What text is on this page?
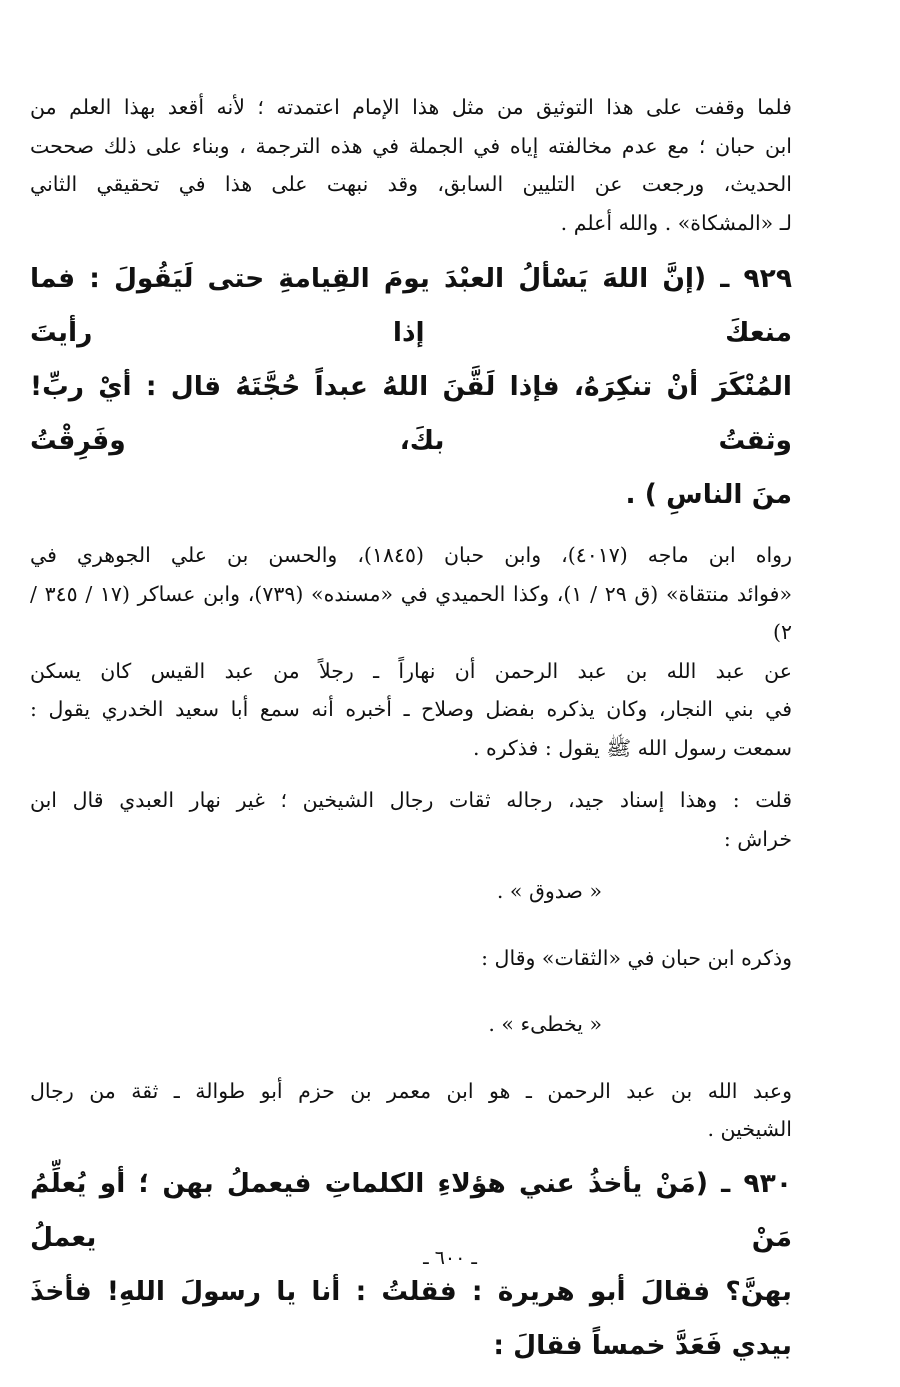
فلما وقفت على هذا التوثيق من مثل هذا الإمام اعتمدته ؛ لأنه أقعد بهذا العلم من
ابن حبان ؛ مع عدم مخالفته إياه في الجملة في هذه الترجمة ، وبناء على ذلك صححت
الحديث، ورجعت عن التليين السابق، وقد نبهت على هذا في تحقيقي الثاني
لـ «المشكاة» . والله أعلم .

٩٢٩ ـ (إنَّ اللهَ يَسْألُ العبْدَ يومَ القِيامةِ حتى لَيَقُولَ : فما منعكَ إذا رأيتَ
المُنْكَرَ أنْ تنكِرَهُ، فإذا لَقَّنَ اللهُ عبداً حُجَّتَهُ قال : أيْ ربِّ! وثقتُ بكَ، وفَرِقْتُ
منَ الناسِ ) .

رواه ابن ماجه (٤٠١٧)، وابن حبان (١٨٤٥)، والحسن بن علي الجوهري في
«فوائد منتقاة» (ق ٢٩ / ١)، وكذا الحميدي في «مسنده» (٧٣٩)، وابن عساكر (١٧ / ٣٤٥ / ٢)
عن عبد الله بن عبد الرحمن أن نهاراً ـ رجلاً من عبد القيس كان يسكن
في بني النجار، وكان يذكره بفضل وصلاح ـ أخبره أنه سمع أبا سعيد الخدري يقول :
سمعت رسول الله ﷺ يقول : فذكره .

قلت : وهذا إسناد جيد، رجاله ثقات رجال الشيخين ؛ غير نهار العبدي قال ابن
خراش :

« صدوق » .

وذكره ابن حبان في «الثقات» وقال :

« يخطىء » .

وعبد الله بن عبد الرحمن ـ هو ابن معمر بن حزم أبو طوالة ـ ثقة من رجال
الشيخين .

٩٣٠ ـ (مَنْ يأخذُ عني هؤلاءِ الكلماتِ فيعملُ بهن ؛ أو يُعلِّمُ مَنْ يعملُ
بهنَّ؟ فقالَ أبو هريرة : فقلتُ : أنا يا رسولَ اللهِ! فأخذَ بيدي فَعَدَّ خمساً فقالَ :

ـ ٦٠٠ ـ
